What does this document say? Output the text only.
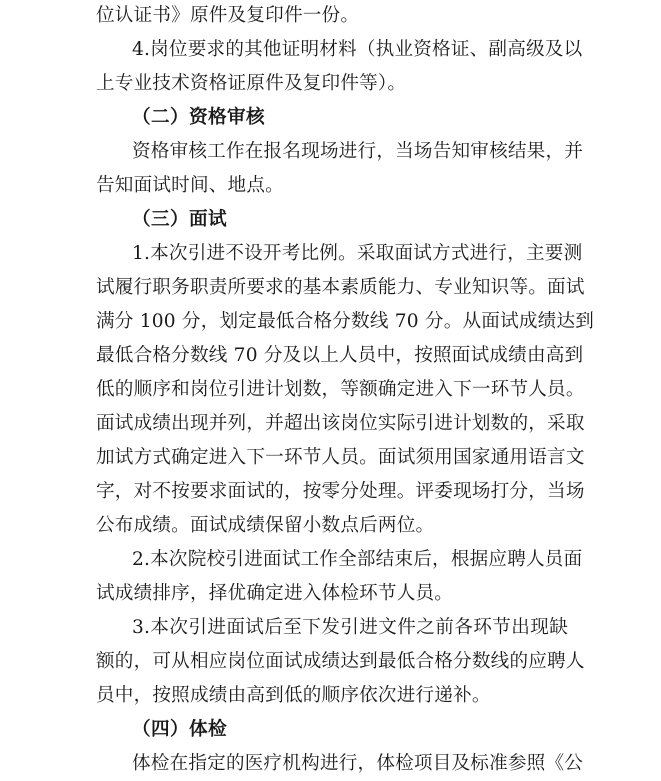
位认证书》原件及复印件一份。
4.岗位要求的其他证明材料（执业资格证、副高级及以
上专业技术资格证原件及复印件等）。
（二）资格审核
资格审核工作在报名现场进行，当场告知审核结果，并
告知面试时间、地点。
（三）面试
1.本次引进不设开考比例。采取面试方式进行，主要测
试履行职务职责所要求的基本素质能力、专业知识等。面试
满分 100 分，划定最低合格分数线 70 分。从面试成绩达到
最低合格分数线 70 分及以上人员中，按照面试成绩由高到
低的顺序和岗位引进计划数，等额确定进入下一环节人员。
面试成绩出现并列，并超出该岗位实际引进计划数的，采取
加试方式确定进入下一环节人员。面试须用国家通用语言文
字，对不按要求面试的，按零分处理。评委现场打分，当场
公布成绩。面试成绩保留小数点后两位。
2.本次院校引进面试工作全部结束后，根据应聘人员面
试成绩排序，择优确定进入体检环节人员。
3.本次引进面试后至下发引进文件之前各环节出现缺
额的，可从相应岗位面试成绩达到最低合格分数线的应聘人
员中，按照成绩由高到低的顺序依次进行递补。
（四）体检
体检在指定的医疗机构进行，体检项目及标准参照《公
